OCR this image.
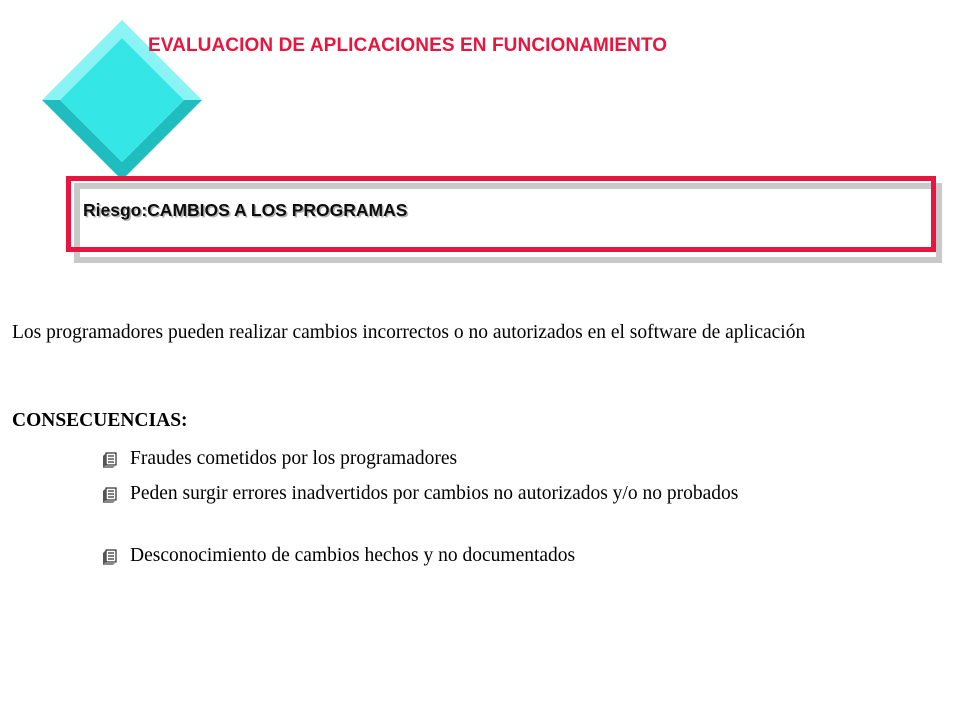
EVALUACION DE APLICACIONES EN FUNCIONAMIENTO
Riesgo:CAMBIOS A LOS PROGRAMAS

Los programadores pueden realizar cambios incorrectos o no autorizados en el software de aplicación

CONSECUENCIAS:
Fraudes cometidos por los programadores
Peden surgir errores inadvertidos por cambios no autorizados y/o no probados
Desconocimiento de cambios hechos y no documentados
